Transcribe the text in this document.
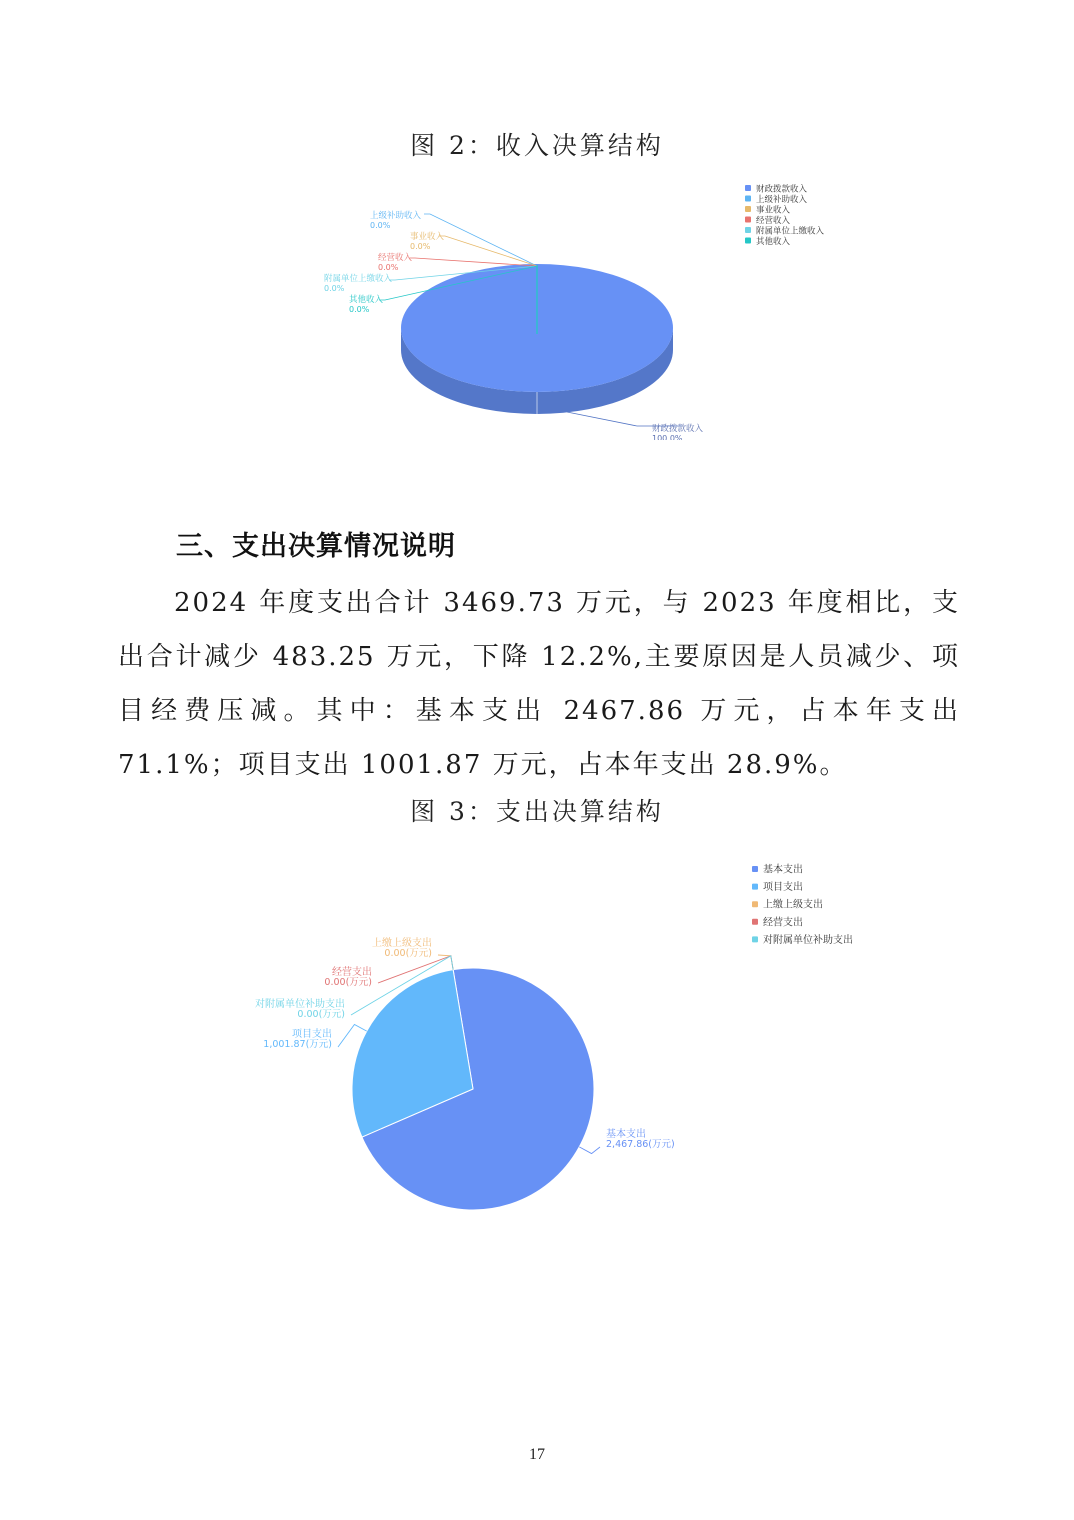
图 2：收入决算结构
财政拨款收入
上级补助收入
事业收入
经营收入
附属单位上缴收入
其他收入
财政拨款收入
100.0%
上级补助收入
0.0%
事业收入
0.0%
经营收入
0.0%
附属单位上缴收入
0.0%
其他收入
0.0%
三、支出决算情况说明
2024 年度支出合计 3469.73 万元，与 2023 年度相比，支出合计减少 483.25 万元，下降 12.2%,主要原因是人员减少、项目经费压减。其中：基本支出 2467.86 万元，占本年支出 71.1%；项目支出 1001.87 万元，占本年支出 28.9%。
图 3：支出决算结构
基本支出
项目支出
上缴上级支出
经营支出
对附属单位补助支出
基本支出
2,467.86(万元)
项目支出
1,001.87(万元)
上缴上级支出
0.00(万元)
经营支出
0.00(万元)
对附属单位补助支出
0.00(万元)
17
